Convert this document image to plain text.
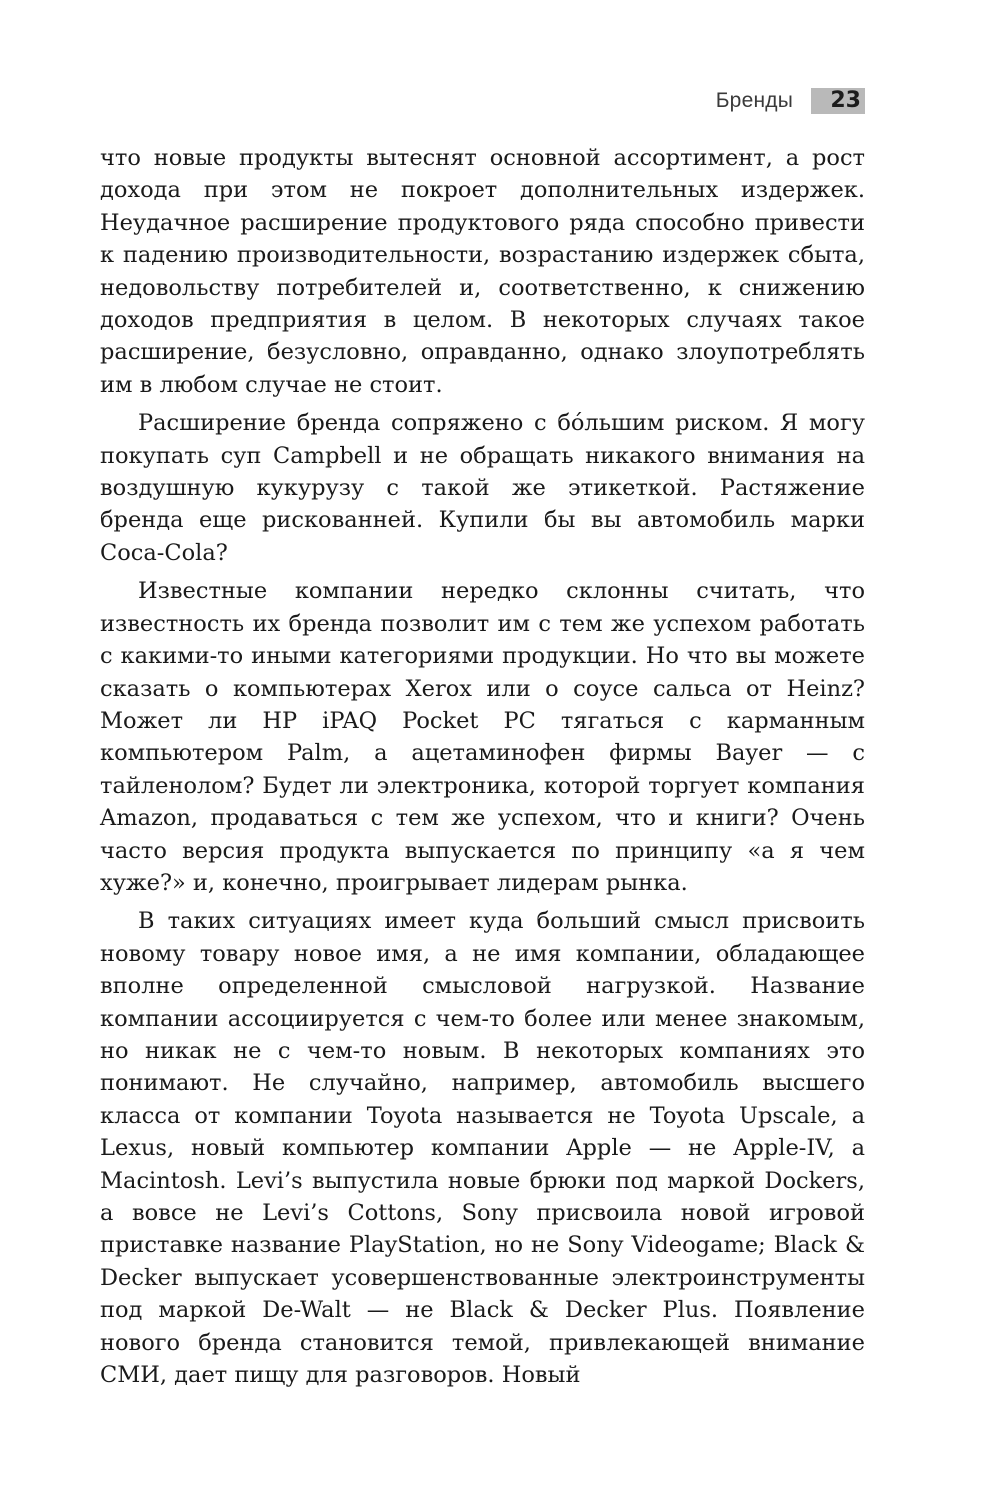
Бренды	23

что новые продукты вытеснят основной ассортимент, а рост дохода при этом не покроет дополнительных издержек. Неудачное расширение продуктового ряда способно привести к падению производительности, возрастанию издержек сбыта, недовольству потребителей и, соответственно, к снижению доходов предприятия в целом. В некоторых случаях такое расширение, безусловно, оправданно, однако злоупотреблять им в любом случае не стоит.

Расширение бренда сопряжено с бóльшим риском. Я могу покупать суп Campbell и не обращать никакого внимания на воздушную кукурузу с такой же этикеткой. Растяжение бренда еще рискованней. Купили бы вы автомобиль марки Coca-Cola?

Известные компании нередко склонны считать, что известность их бренда позволит им с тем же успехом работать с какими-то иными категориями продукции. Но что вы можете сказать о компьютерах Xerox или о соусе сальса от Heinz? Может ли HP iPAQ Pocket PC тягаться с карманным компьютером Palm, а ацетаминофен фирмы Bayer — с тайленолом? Будет ли электроника, которой торгует компания Amazon, продаваться с тем же успехом, что и книги? Очень часто версия продукта выпускается по принципу «а я чем хуже?» и, конечно, проигрывает лидерам рынка.

В таких ситуациях имеет куда больший смысл присвоить новому товару новое имя, а не имя компании, обладающее вполне определенной смысловой нагрузкой. Название компании ассоциируется с чем-то более или менее знакомым, но никак не с чем-то новым. В некоторых компаниях это понимают. Не случайно, например, автомобиль высшего класса от компании Toyota называется не Toyota Upscale, а Lexus, новый компьютер компании Apple — не Apple-IV, а Macintosh. Levi’s выпустила новые брюки под маркой Dockers, а вовсе не Levi’s Cottons, Sony присвоила новой игровой приставке название PlayStation, но не Sony Videogame; Black & Decker выпускает усовершенствованные электроинструменты под маркой De-Walt — не Black & Decker Plus. Появление нового бренда становится темой, привлекающей внимание СМИ, дает пищу для разговоров. Новый
